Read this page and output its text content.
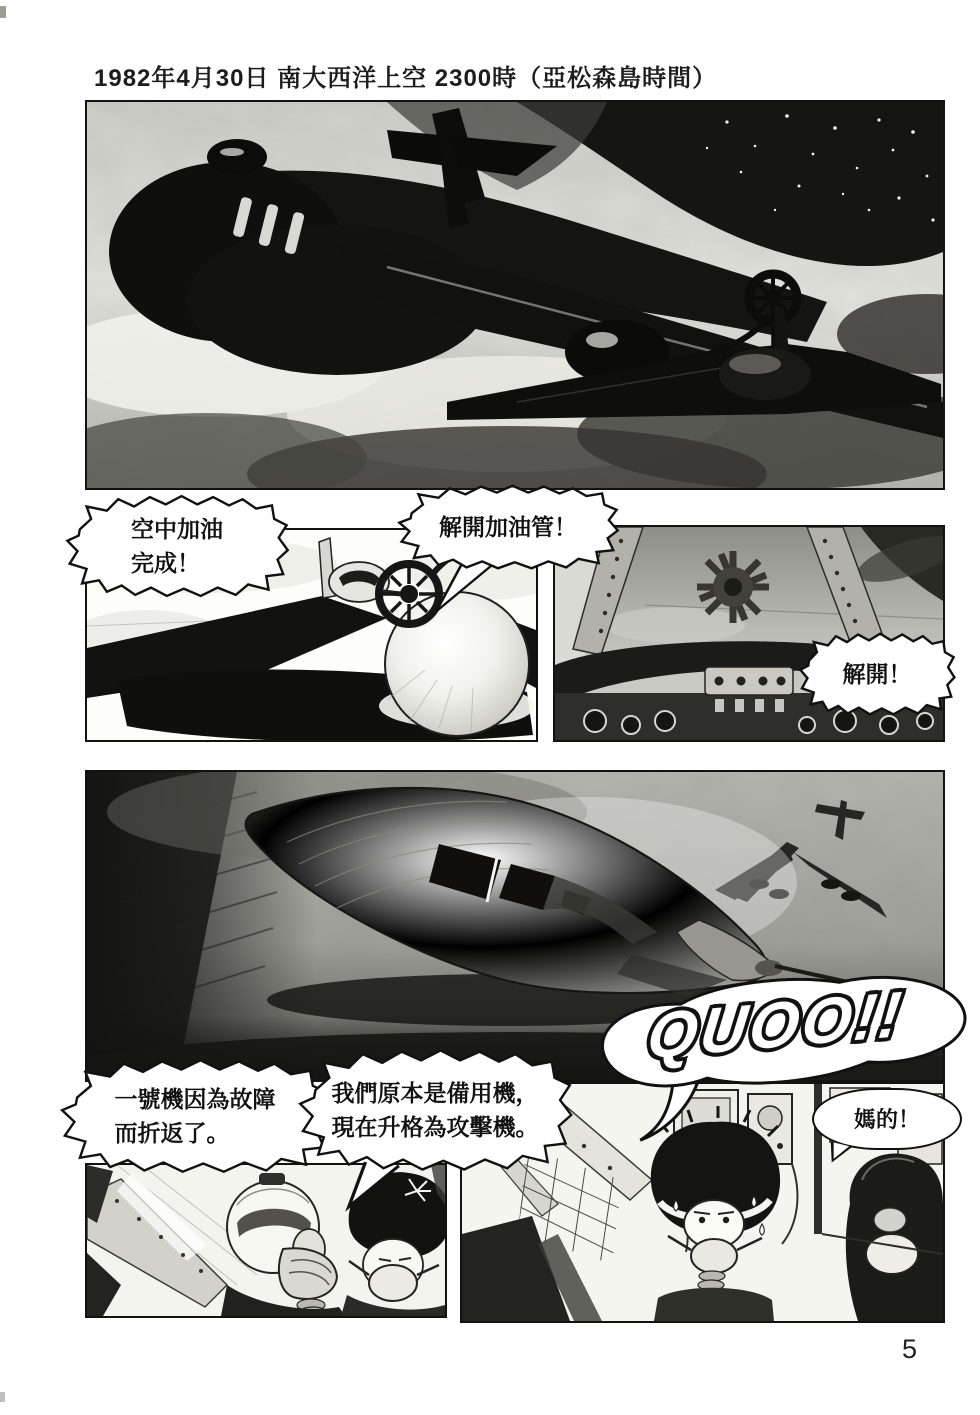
1982年4月30日 南大西洋上空 2300時（亞松森島時間）
QUOO!!
空中加油
完成！
解開加油管！
解開！
一號機因為故障
而折返了。
我們原本是備用機，
現在升格為攻擊機。	媽的！
5
